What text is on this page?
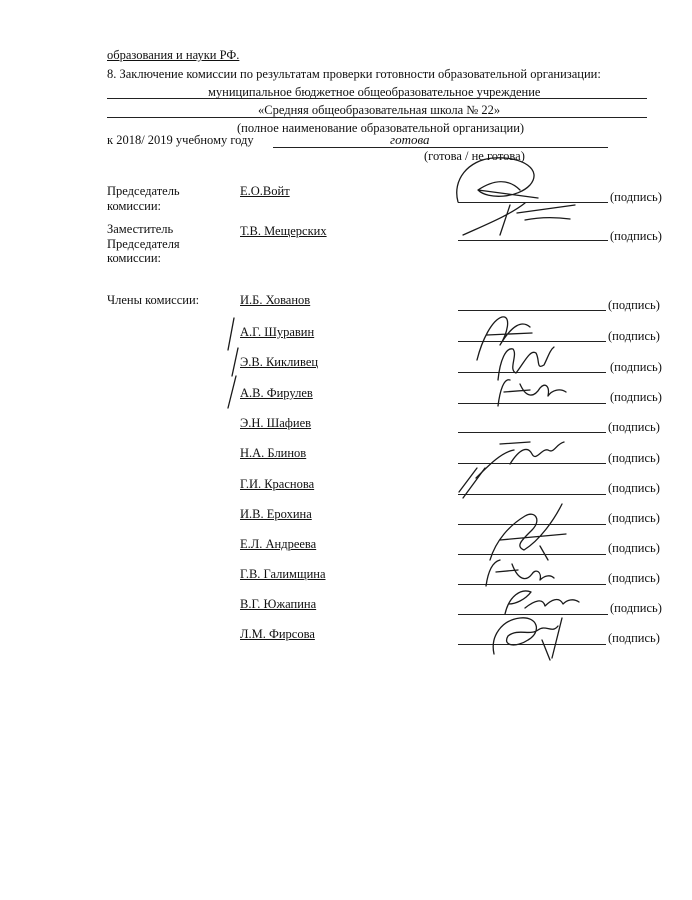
образования и науки РФ.
8. Заключение комиссии по результатам проверки готовности образовательной организации:
муниципальное бюджетное общеобразовательное учреждение
«Средняя общеобразовательная школа № 22»
(полное наименование образовательной организации)
к 2018/ 2019 учебному году	готова
(готова / не готова)
Председатель
комиссии:
Е.О.Войт	(подпись)
Заместитель
Председателя
комиссии:
Т.В. Мещерских	(подпись)
Члены комиссии:	И.Б. Хованов	(подпись)
А.Г. Шуравин	(подпись)
Э.В. Кикливец	(подпись)
А.В. Фирулев	(подпись)
Э.Н. Шафиев	(подпись)
Н.А. Блинов	(подпись)
Г.И. Краснова	(подпись)
И.В. Ерохина	(подпись)
Е.Л. Андреева	(подпись)
Г.В. Галимщина	(подпись)
В.Г. Южапина	(подпись)
Л.М. Фирсова	(подпись)
